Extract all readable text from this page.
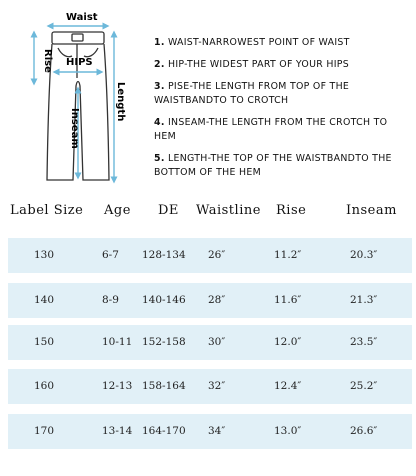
Waist
Rise HIPS
Inseam
Length
1. WAIST-NARROWEST POINT OF WAIST
2. HIP-THE WIDEST PART OF YOUR HIPS
3. PISE-THE LENGTH FROM TOP OF THE WAISTBANDTO TO CROTCH
4. INSEAM-THE LENGTH FROM THE CROTCH TO HEM
5. LENGTH-THE TOP OF THE WAISTBANDTO THE BOTTOM OF THE HEM
Label Size Age DE Waistline Rise	Inseam
130	6-7 128-134 26″	11.2″	20.3″
140	8-9 140-146 28″	11.6″	21.3″
150	10-11 152-158 30″	12.0″	23.5″
160	12-13 158-164 32″	12.4″	25.2″
170	13-14 164-170 34″	13.0″	26.6″
